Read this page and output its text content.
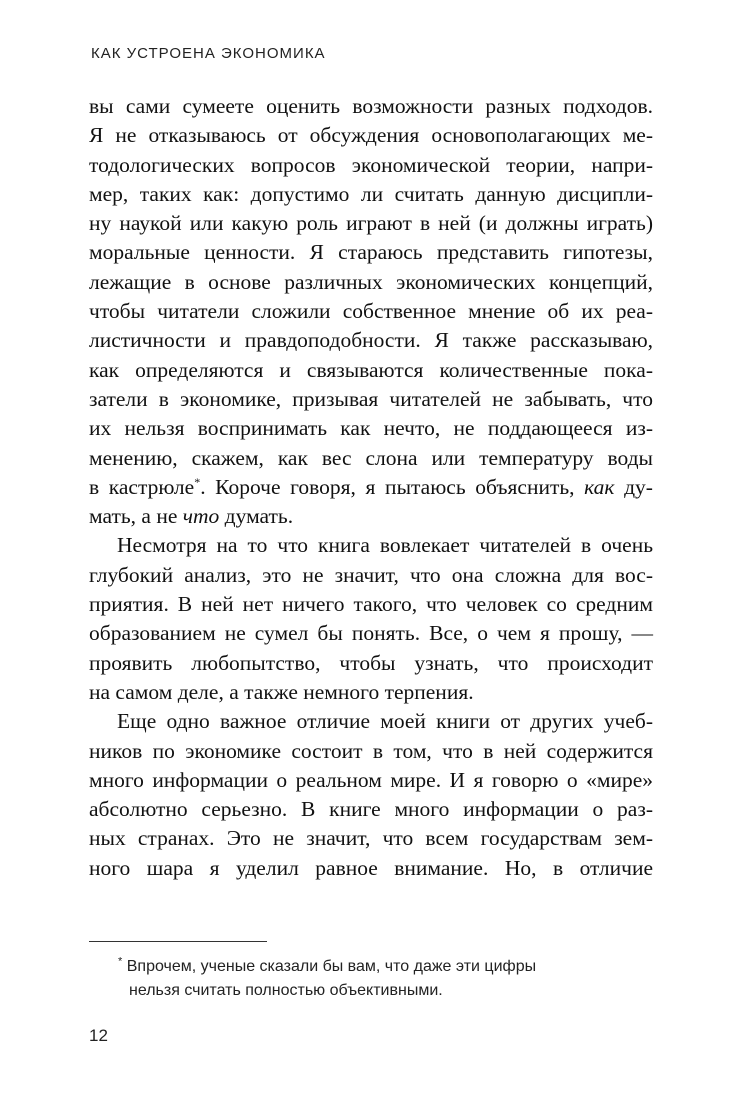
КАК УСТРОЕНА ЭКОНОМИКА

вы сами сумеете оценить возможности разных подходов.
Я не отказываюсь от обсуждения основополагающих ме-
тодологических вопросов экономической теории, напри-
мер, таких как: допустимо ли считать данную дисципли-
ну наукой или какую роль играют в ней (и должны играть)
моральные ценности. Я стараюсь представить гипотезы,
лежащие в основе различных экономических концепций,
чтобы читатели сложили собственное мнение об их реа-
листичности и правдоподобности. Я также рассказываю,
как определяются и связываются количественные пока-
затели в экономике, призывая читателей не забывать, что
их нельзя воспринимать как нечто, не поддающееся из-
менению, скажем, как вес слона или температуру воды
в кастрюле*. Короче говоря, я пытаюсь объяснить, как ду-
мать, а не что думать.

Несмотря на то что книга вовлекает читателей в очень
глубокий анализ, это не значит, что она сложна для вос-
приятия. В ней нет ничего такого, что человек со средним
образованием не сумел бы понять. Все, о чем я прошу, —
проявить любопытство, чтобы узнать, что происходит
на самом деле, а также немного терпения.

Еще одно важное отличие моей книги от других учеб-
ников по экономике состоит в том, что в ней содержится
много информации о реальном мире. И я говорю о «мире»
абсолютно серьезно. В книге много информации о раз-
ных странах. Это не значит, что всем государствам зем-
ного шара я уделил равное внимание. Но, в отличие

* Впрочем, ученые сказали бы вам, что даже эти цифры
нельзя считать полностью объективными.
12
